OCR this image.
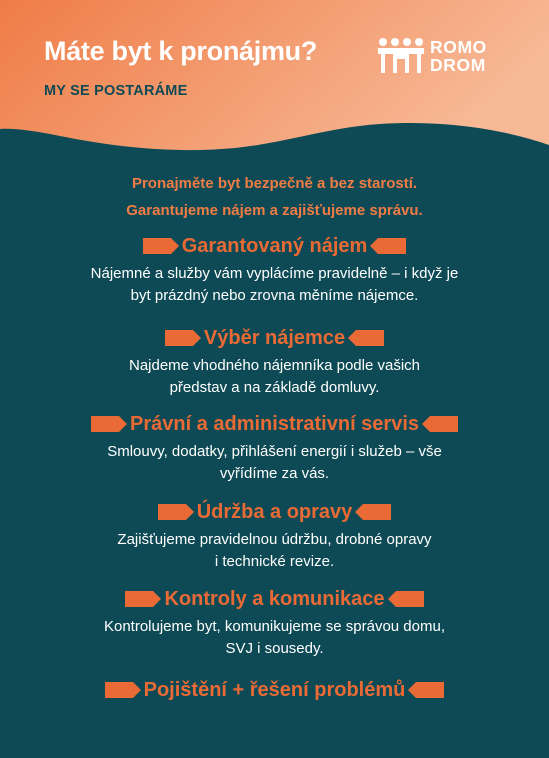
Máte byt k pronájmu?
MY SE POSTARÁME
ROMO
DROM
Pronajměte byt bezpečně a bez starostí.
Garantujeme nájem a zajišťujeme správu.
Garantovaný nájem
Nájemné a služby vám vyplácíme pravidelně – i když je
byt prázdný nebo zrovna měníme nájemce.
Výběr nájemce
Najdeme vhodného nájemníka podle vašich
představ a na základě domluvy.
Právní a administrativní servis
Smlouvy, dodatky, přihlášení energií i služeb – vše
vyřídíme za vás.
Údržba a opravy
Zajišťujeme pravidelnou údržbu, drobné opravy
i technické revize.
Kontroly a komunikace
Kontrolujeme byt, komunikujeme se správou domu,
SVJ i sousedy.
Pojištění + řešení problémů
